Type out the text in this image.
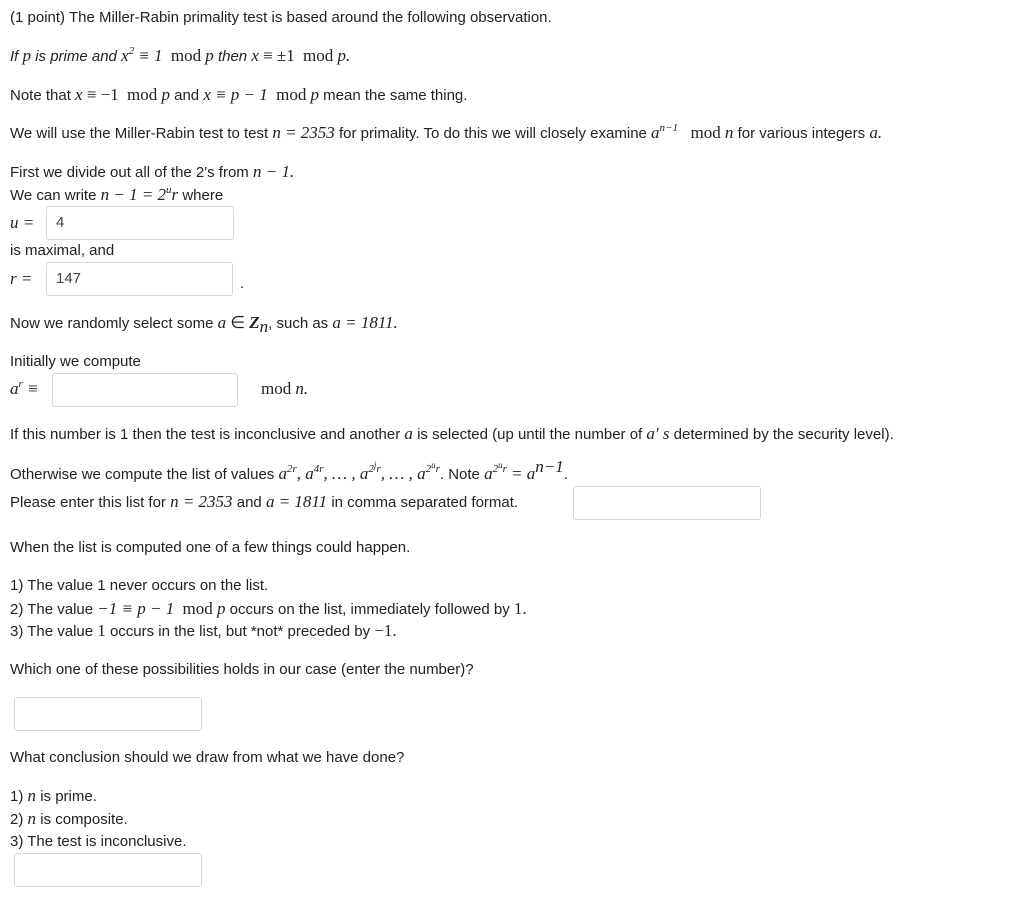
(1 point) The Miller-Rabin primality test is based around the following observation.
If p is prime and $x^2 \equiv 1$ mod p then x ≡ ±1 mod p.
Note that x ≡ −1 mod p and x ≡ p − 1 mod p mean the same thing.
We will use the Miller-Rabin test to test n = 2353 for primality. To do this we will closely examine $a^{n-1}$ mod n for various integers a.
First we divide out all of the 2's from n − 1.
We can write $n - 1 = 2^ur$ where
u =	4
is maximal, and
r =	147	.
Now we randomly select some a ∈ $Z_n$, such as a = 1811.
Initially we compute
$a^r$ ≡	mod n.
If this number is 1 then the test is inconclusive and another a is selected (up until the number of a′ s determined by the security level).
Otherwise we compute the list of values $a^{2r}$, $a^{4r}$, … , $a^{2^jr}$, … , $a^{2^ur}$. Note $a^{2^ur} = a^{n-1}$.
Please enter this list for n = 2353 and a = 1811 in comma separated format.
When the list is computed one of a few things could happen.
1) The value 1 never occurs on the list.
2) The value −1 ≡ p − 1 mod p occurs on the list, immediately followed by 1.
3) The value 1 occurs in the list, but *not* preceded by −1.
Which one of these possibilities holds in our case (enter the number)?
What conclusion should we draw from what we have done?
1) n is prime.
2) n is composite.
3) The test is inconclusive.
